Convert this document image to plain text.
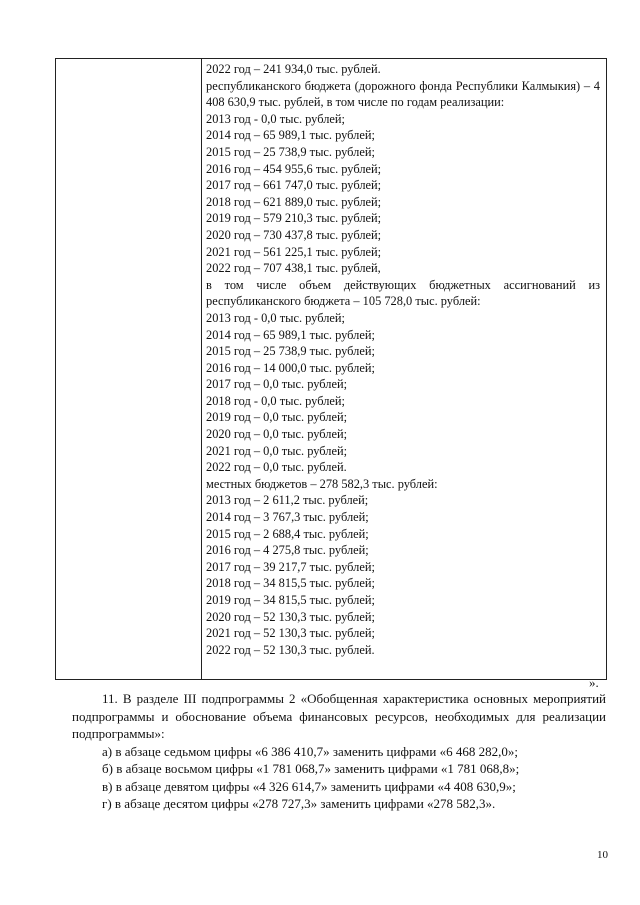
2022 год – 241 934,0 тыс. рублей.
республиканского бюджета (дорожного фонда Республики Калмыкия) – 4 408 630,9 тыс. рублей, в том числе по годам реализации:
2013 год - 0,0 тыс. рублей;
2014 год – 65 989,1 тыс. рублей;
2015 год – 25 738,9 тыс. рублей;
2016 год – 454 955,6 тыс. рублей;
2017 год – 661 747,0 тыс. рублей;
2018 год – 621 889,0 тыс. рублей;
2019 год – 579 210,3 тыс. рублей;
2020 год – 730 437,8 тыс. рублей;
2021 год – 561 225,1 тыс. рублей;
2022 год – 707 438,1 тыс. рублей,
в том числе объем действующих бюджетных ассигнований из республиканского бюджета – 105 728,0 тыс. рублей:
2013 год - 0,0 тыс. рублей;
2014 год – 65 989,1 тыс. рублей;
2015 год – 25 738,9 тыс. рублей;
2016 год – 14 000,0 тыс. рублей;
2017 год – 0,0 тыс. рублей;
2018 год - 0,0 тыс. рублей;
2019 год – 0,0 тыс. рублей;
2020 год – 0,0 тыс. рублей;
2021 год – 0,0 тыс. рублей;
2022 год – 0,0 тыс. рублей.
местных бюджетов – 278 582,3 тыс. рублей:
2013 год – 2 611,2 тыс. рублей;
2014 год – 3 767,3 тыс. рублей;
2015 год – 2 688,4 тыс. рублей;
2016 год – 4 275,8 тыс. рублей;
2017 год – 39 217,7 тыс. рублей;
2018 год – 34 815,5 тыс. рублей;
2019 год – 34 815,5 тыс. рублей;
2020 год – 52 130,3 тыс. рублей;
2021 год – 52 130,3 тыс. рублей;
2022 год – 52 130,3 тыс. рублей.
».
11. В разделе III подпрограммы 2 «Обобщенная характеристика основных мероприятий подпрограммы и обоснование объема финансовых ресурсов, необходимых для реализации подпрограммы»:
а) в абзаце седьмом цифры «6 386 410,7» заменить цифрами «6 468 282,0»;
б) в абзаце восьмом цифры «1 781 068,7» заменить цифрами «1 781 068,8»;
в) в абзаце девятом цифры «4 326 614,7» заменить цифрами «4 408 630,9»;
г) в абзаце десятом цифры «278 727,3» заменить цифрами «278 582,3».
10
